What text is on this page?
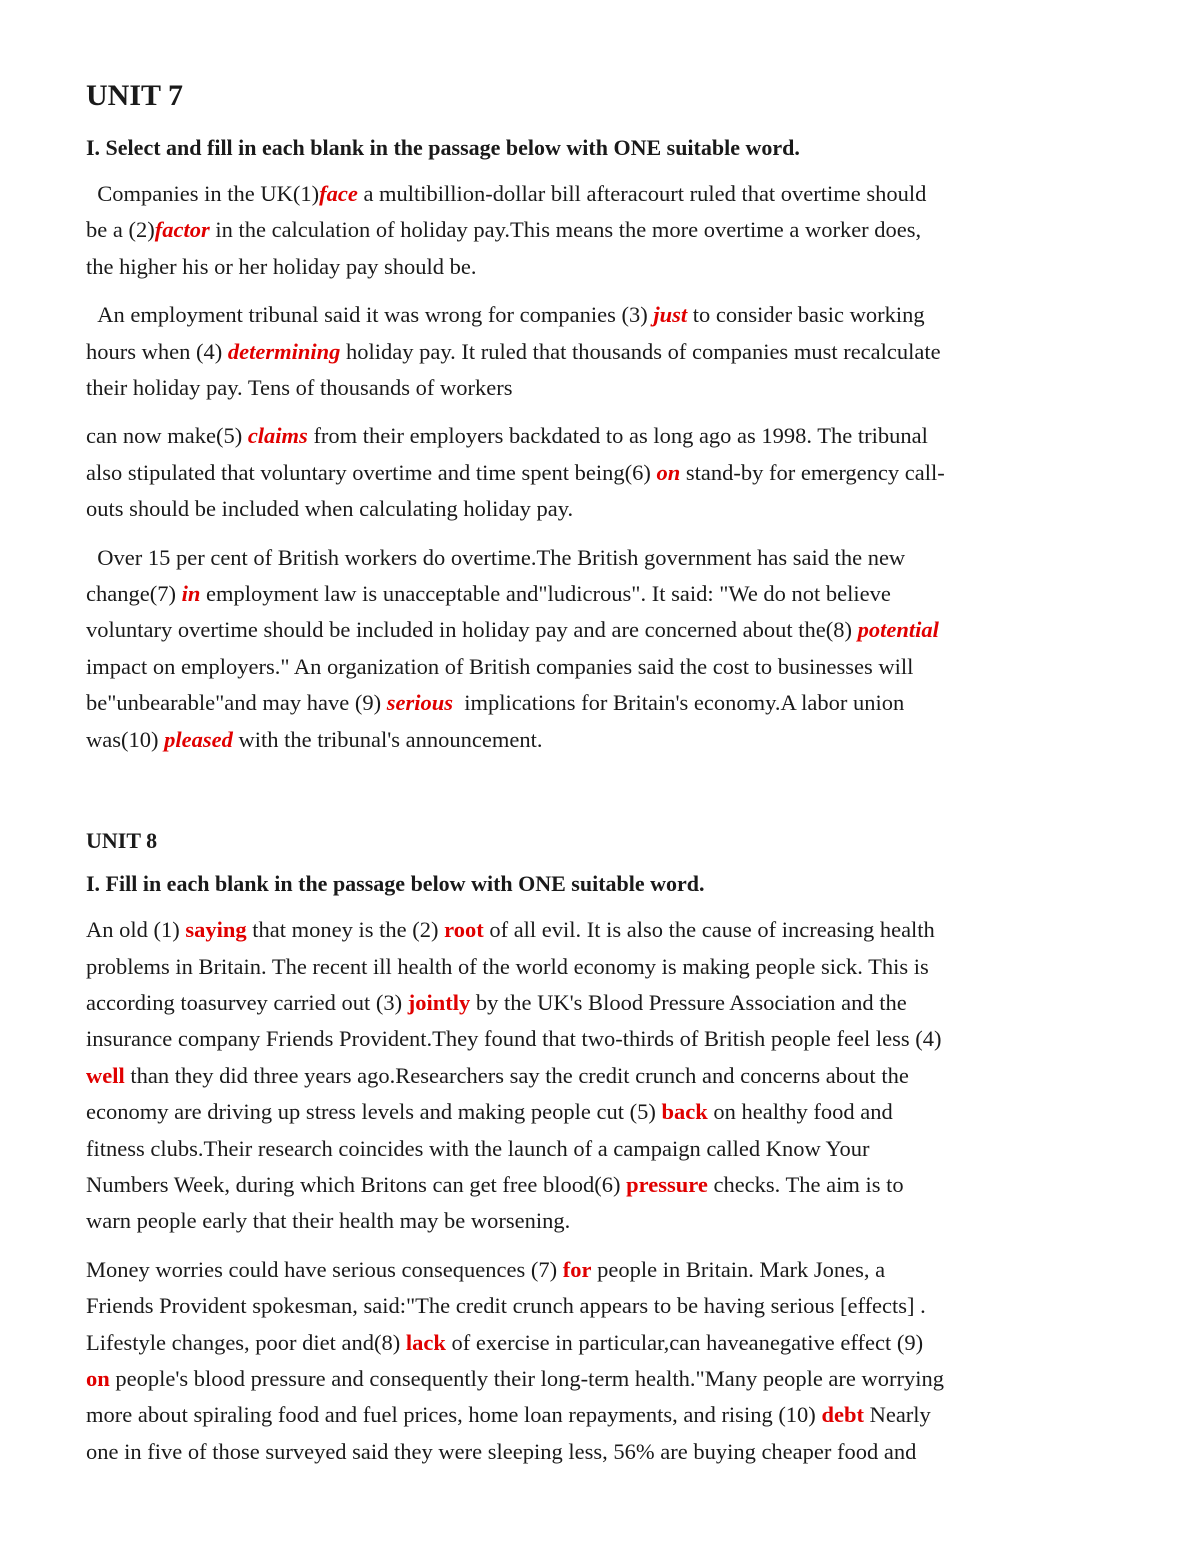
UNIT 7

I. Select and fill in each blank in the passage below with ONE suitable word.

Companies in the UK(1)face a multibillion-dollar bill afteracourt ruled that overtime should

be a (2)factor in the calculation of holiday pay.This means the more overtime a worker does,

the higher his or her holiday pay should be.

An employment tribunal said it was wrong for companies (3) just to consider basic working

hours when (4) determining holiday pay. It ruled that thousands of companies must recalculate

their holiday pay. Tens of thousands of workers

can now make(5) claims from their employers backdated to as long ago as 1998. The tribunal

also stipulated that voluntary overtime and time spent being(6) on stand-by for emergency call-

outs should be included when calculating holiday pay.

Over 15 per cent of British workers do overtime.The British government has said the new

change(7) in employment law is unacceptable and"ludicrous". It said: "We do not believe

voluntary overtime should be included in holiday pay and are concerned about the(8) potential

impact on employers." An organization of British companies said the cost to businesses will

be"unbearable"and may have (9) serious  implications for Britain's economy.A labor union

was(10) pleased with the tribunal's announcement.

UNIT 8

I. Fill in each blank in the passage below with ONE suitable word.

An old (1) saying that money is the (2) root of all evil. It is also the cause of increasing health

problems in Britain. The recent ill health of the world economy is making people sick. This is

according toasurvey carried out (3) jointly by the UK's Blood Pressure Association and the

insurance company Friends Provident.They found that two-thirds of British people feel less (4)

well than they did three years ago.Researchers say the credit crunch and concerns about the

economy are driving up stress levels and making people cut (5) back on healthy food and

fitness clubs.Their research coincides with the launch of a campaign called Know Your

Numbers Week, during which Britons can get free blood(6) pressure checks. The aim is to

warn people early that their health may be worsening.

Money worries could have serious consequences (7) for people in Britain. Mark Jones, a

Friends Provident spokesman, said:"The credit crunch appears to be having serious [effects] .

Lifestyle changes, poor diet and(8) lack of exercise in particular,can haveanegative effect (9)

on people's blood pressure and consequently their long-term health."Many people are worrying

more about spiraling food and fuel prices, home loan repayments, and rising (10) debt Nearly

one in five of those surveyed said they were sleeping less, 56% are buying cheaper food and
